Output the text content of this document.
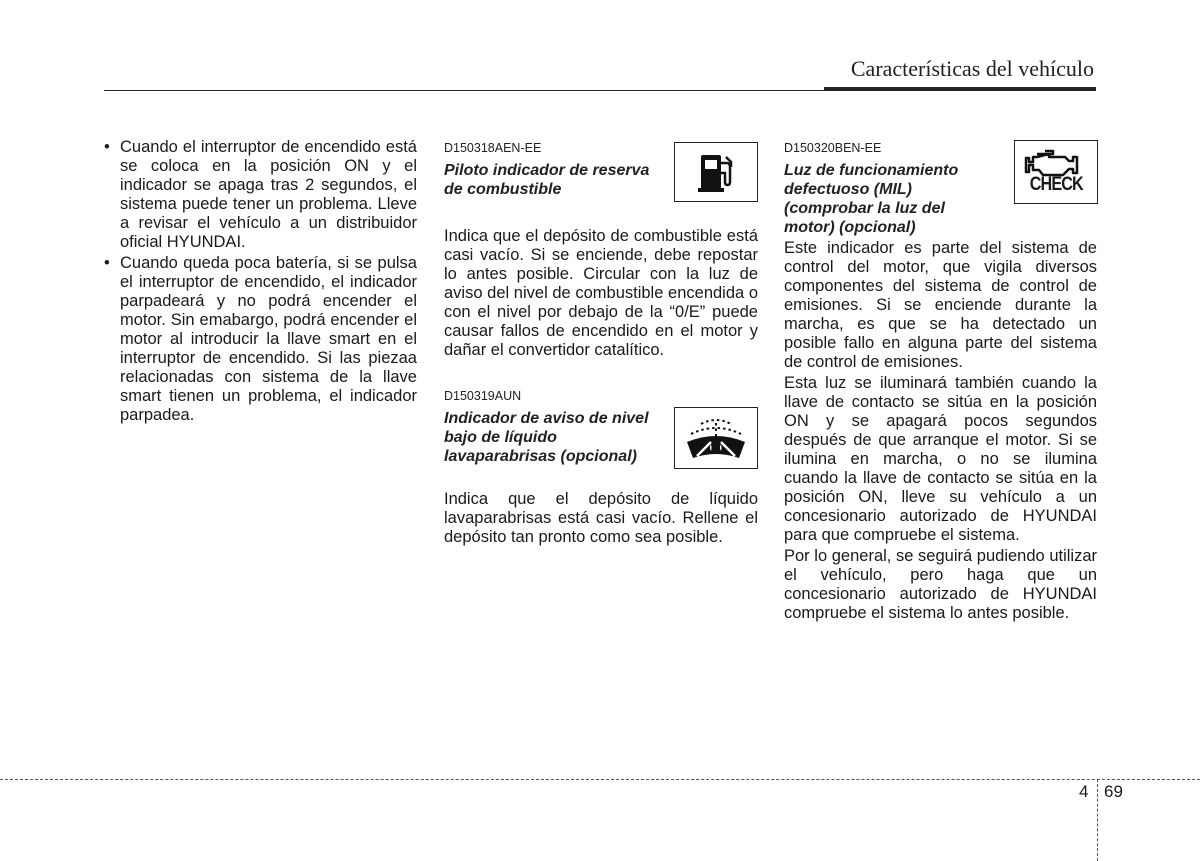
Características del vehículo
• Cuando el interruptor de encendido está se coloca en la posición ON y el indicador se apaga tras 2 segundos, el sistema puede tener un problema. Lleve a revisar el vehículo a un distribuidor oficial HYUNDAI.
• Cuando queda poca batería, si se pulsa el interruptor de encendido, el indicador parpadeará y no podrá encender el motor. Sin emabargo, podrá encender el motor al introducir la llave smart en el interruptor de encendido. Si las piezaa relacionadas con sistema de la llave smart tienen un problema, el indicador parpadea.

D150318AEN-EE

Piloto indicador de reserva de combustible

Indica que el depósito de combustible está casi vacío. Si se enciende, debe repostar lo antes posible. Circular con la luz de aviso del nivel de combustible encendida o con el nivel por debajo de la “0/E” puede causar fallos de encendido en el motor y dañar el convertidor catalítico.

D150319AUN

Indicador de aviso de nivel bajo de líquido lavaparabrisas (opcional)

Indica que el depósito de líquido lavaparabrisas está casi vacío. Rellene el depósito tan pronto como sea posible.

D150320BEN-EE

Luz de funcionamiento defectuoso (MIL) (comprobar la luz del motor) (opcional)

Este indicador es parte del sistema de control del motor, que vigila diversos componentes del sistema de control de emisiones. Si se enciende durante la marcha, es que se ha detectado un posible fallo en alguna parte del sistema de control de emisiones.

Esta luz se iluminará también cuando la llave de contacto se sitúa en la posición ON y se apagará pocos segundos después de que arranque el motor. Si se ilumina en marcha, o no se ilumina cuando la llave de contacto se sitúa en la posición ON, lleve su vehículo a un concesionario autorizado de HYUNDAI para que compruebe el sistema.

Por lo general, se seguirá pudiendo utilizar el vehículo, pero haga que un concesionario autorizado de HYUNDAI compruebe el sistema lo antes posible.

CHECK
4 69
